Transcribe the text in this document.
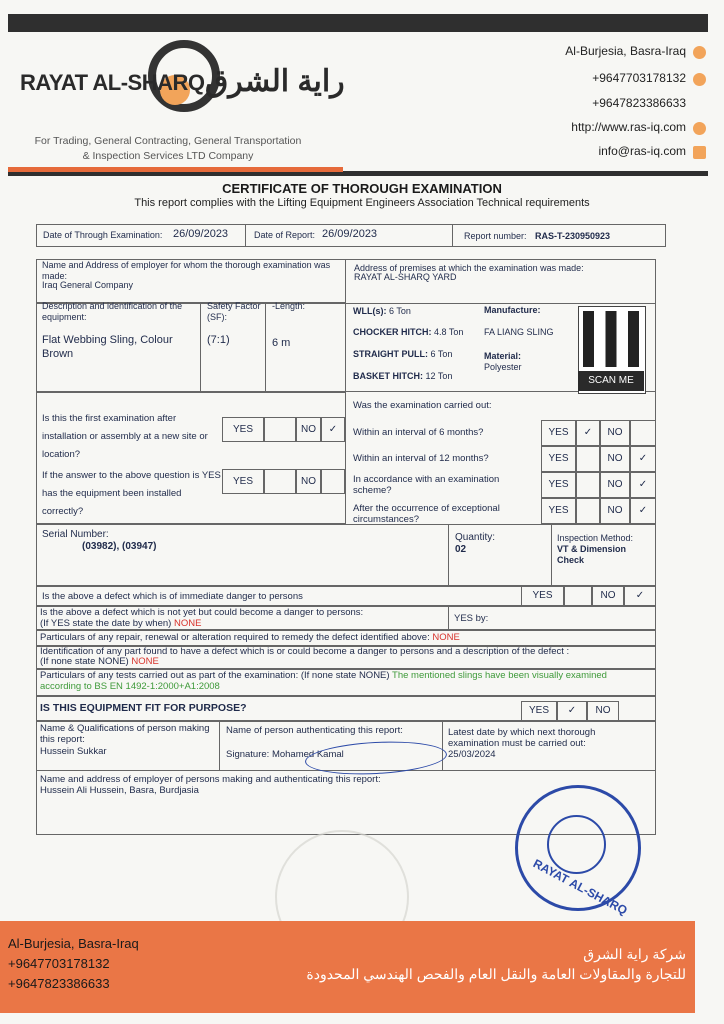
RAYAT AL-SHARQ راية الشرق
For Trading, General Contracting, General Transportation
& Inspection Services LTD Company
Al-Burjesia, Basra-Iraq
+9647703178132
+9647823386633
http://www.ras-iq.com
info@ras-iq.com
CERTIFICATE OF THOROUGH EXAMINATION
This report complies with the Lifting Equipment Engineers Association Technical requirements
Date of Through Examination: 26/09/2023	Date of Report: 26/09/2023	Report number: RAS-T-230950923
Name and Address of employer for whom the thorough examination was made:
Iraq General Company
Address of premises at which the examination was made:
RAYAT AL-SHARQ YARD
Description and identification of the equipment:
Flat Webbing Sling, Colour Brown
Safety Factor (SF):
(7:1)
-Length:
6 m
WLL(s): 6 Ton
CHOCKER HITCH: 4.8 Ton
STRAIGHT PULL: 6 Ton
BASKET HITCH: 12 Ton
Manufacture:
FA LIANG SLING
Material:
Polyester
SCAN ME
Is this the first examination after installation or assembly at a new site or location?
YES	NO	✓
If the answer to the above question is YES has the equipment been installed correctly?
YES	NO
Was the examination carried out:
Within an interval of 6 months?	YES	✓	NO
Within an interval of 12 months?	YES	NO	✓
In accordance with an examination scheme?
YES	NO	✓
After the occurrence of exceptional circumstances?
YES	NO	✓
Serial Number:
(03982), (03947)
Quantity:
02
Inspection Method:
VT & Dimension Check
Is the above a defect which is of immediate danger to persons	YES	NO	✓
Is the above a defect which is not yet but could become a danger to persons:
(If YES state the date by when) NONE	YES by:
Particulars of any repair, renewal or alteration required to remedy the defect identified above: NONE
Identification of any part found to have a defect which is or could become a danger to persons and a description of the defect :
(If none state NONE) NONE
Particulars of any tests carried out as part of the examination: (If none state NONE) The mentioned slings have been visually examined according to BS EN 1492-1:2000+A1:2008
IS THIS EQUIPMENT FIT FOR PURPOSE?	YES	✓	NO
Name & Qualifications of person making this report:
Hussein Sukkar
Name of person authenticating this report:
Signature: Mohamed Kamal
Latest date by which next thorough examination must be carried out:
25/03/2024
Name and address of employer of persons making and authenticating this report:
Hussein Ali Hussein, Basra, Burdjasia
RAYAT AL-SHARQ
Al-Burjesia, Basra-Iraq
+9647703178132
+9647823386633
شركة راية الشرق
للتجارة والمقاولات العامة والنقل العام والفحص الهندسي المحدودة
